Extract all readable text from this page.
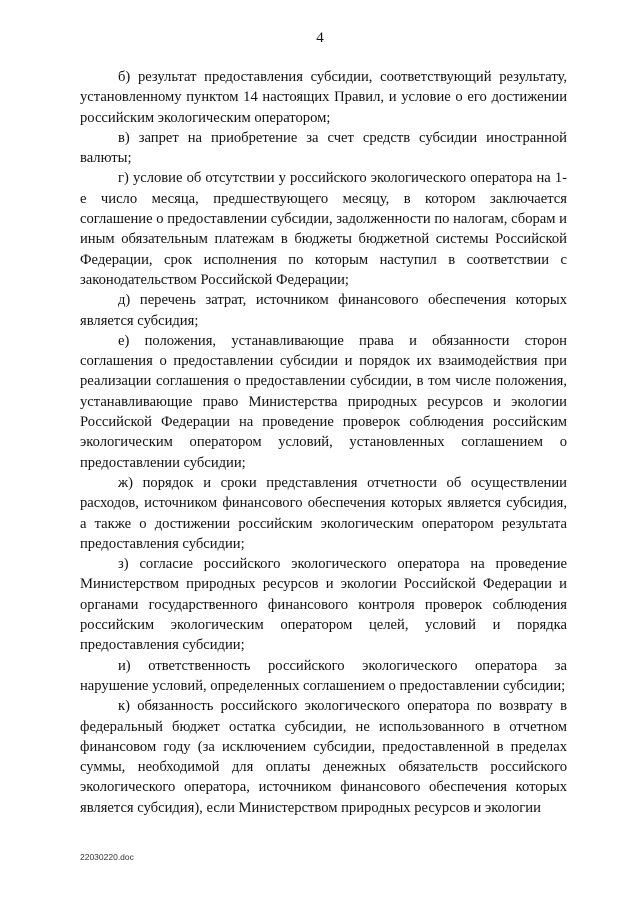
4

б) результат предоставления субсидии, соответствующий результату, установленному пунктом 14 настоящих Правил, и условие о его достижении российским экологическим оператором;

в) запрет на приобретение за счет средств субсидии иностранной валюты;

г) условие об отсутствии у российского экологического оператора на 1-е число месяца, предшествующего месяцу, в котором заключается соглашение о предоставлении субсидии, задолженности по налогам, сборам и иным обязательным платежам в бюджеты бюджетной системы Российской Федерации, срок исполнения по которым наступил в соответствии с законодательством Российской Федерации;

д) перечень затрат, источником финансового обеспечения которых является субсидия;

е) положения, устанавливающие права и обязанности сторон соглашения о предоставлении субсидии и порядок их взаимодействия при реализации соглашения о предоставлении субсидии, в том числе положения, устанавливающие право Министерства природных ресурсов и экологии Российской Федерации на проведение проверок соблюдения российским экологическим оператором условий, установленных соглашением о предоставлении субсидии;

ж) порядок и сроки представления отчетности об осуществлении расходов, источником финансового обеспечения которых является субсидия, а также о достижении российским экологическим оператором результата предоставления субсидии;

з) согласие российского экологического оператора на проведение Министерством природных ресурсов и экологии Российской Федерации и органами государственного финансового контроля проверок соблюдения российским экологическим оператором целей, условий и порядка предоставления субсидии;

и) ответственность российского экологического оператора за нарушение условий, определенных соглашением о предоставлении субсидии;

к) обязанность российского экологического оператора по возврату в федеральный бюджет остатка субсидии, не использованного в отчетном финансовом году (за исключением субсидии, предоставленной в пределах суммы, необходимой для оплаты денежных обязательств российского экологического оператора, источником финансового обеспечения которых является субсидия), если Министерством природных ресурсов и экологии

22030220.doc
